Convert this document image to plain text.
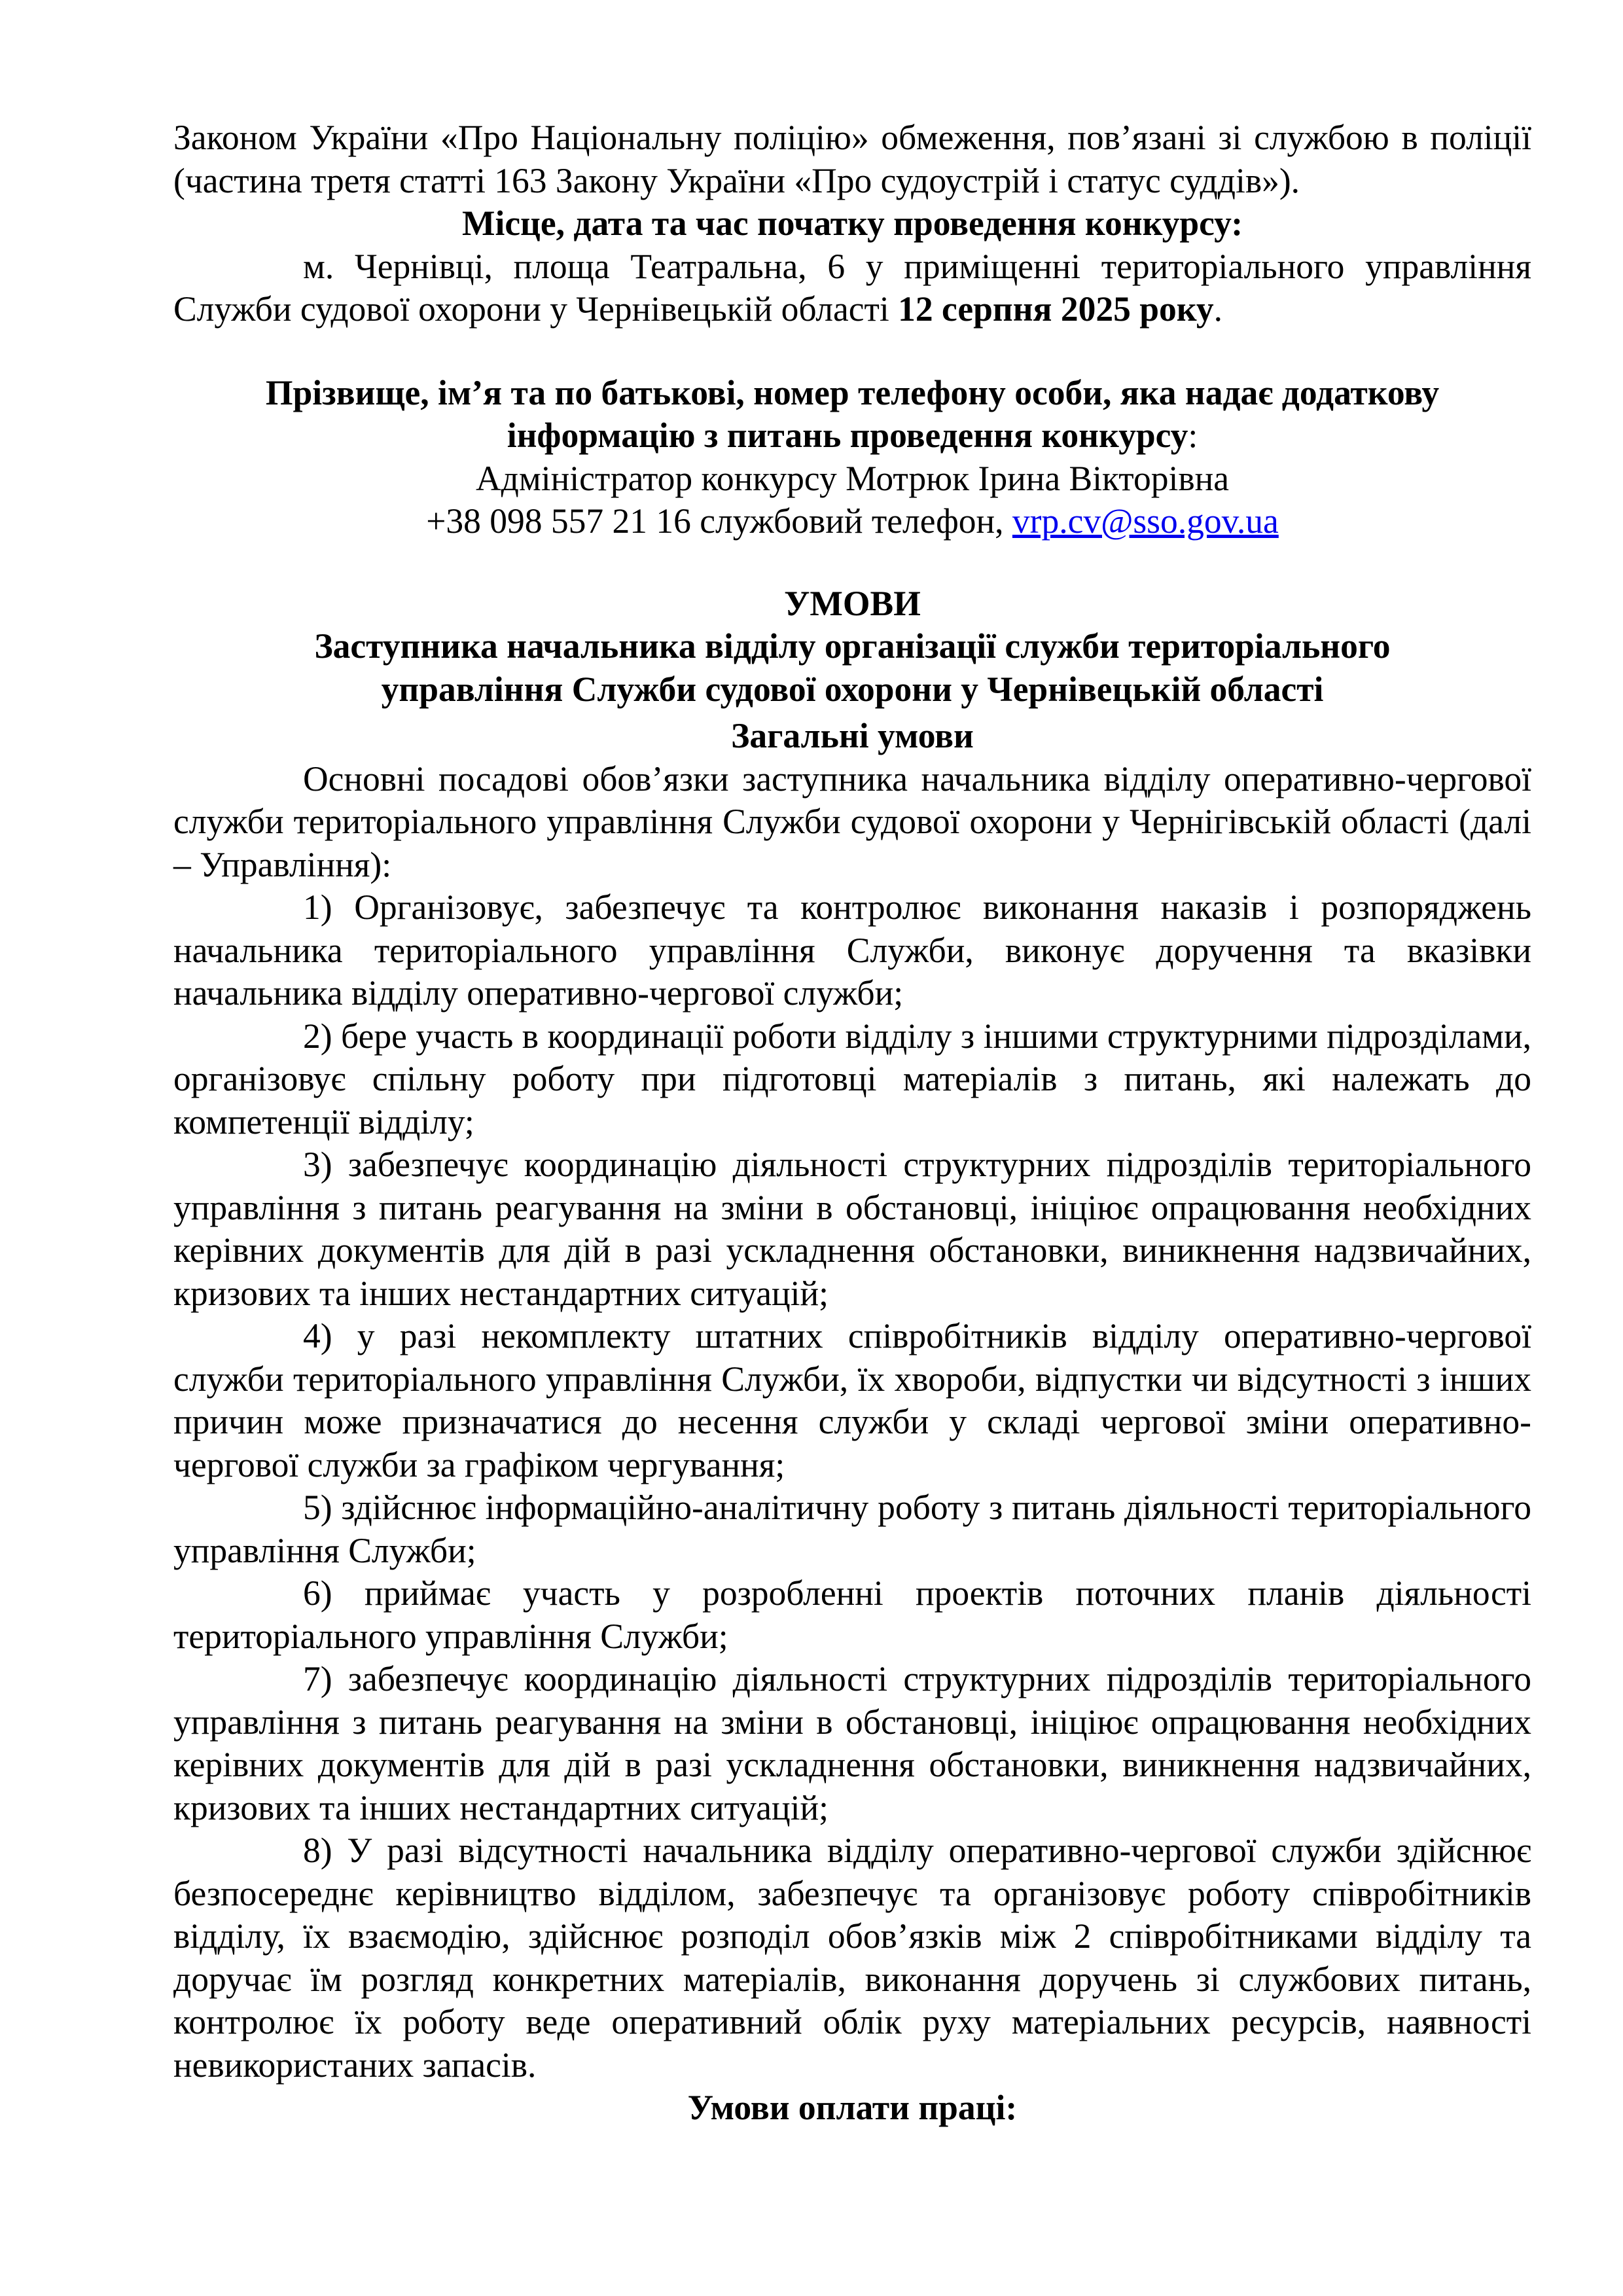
Законом України «Про Національну поліцію» обмеження, пов’язані зі службою в поліції (частина третя статті 163 Закону України «Про судоустрій і статус суддів»).

Місце, дата та час початку проведення конкурсу:

м. Чернівці, площа Театральна, 6 у приміщенні територіального управління Служби судової охорони у Чернівецькій області 12 серпня 2025 року.

Прізвище, ім’я та по батькові, номер телефону особи, яка надає додаткову інформацію з питань проведення конкурсу:

Адміністратор конкурсу Мотрюк Ірина Вікторівна

+38 098 557 21 16 службовий телефон, vrp.cv@sso.gov.ua

УМОВИ

Заступника начальника відділу організації служби територіального

управління Служби судової охорони у Чернівецькій області

Загальні умови

Основні посадові обов’язки заступника начальника відділу оперативно-чергової служби територіального управління Служби судової охорони у Чернігівській області (далі – Управління):

1) Організовує, забезпечує та контролює виконання наказів і розпоряджень начальника територіального управління Служби, виконує доручення та вказівки начальника відділу оперативно-чергової служби;

2) бере участь в координації роботи відділу з іншими структурними підрозділами, організовує спільну роботу при підготовці матеріалів з питань, які належать до компетенції відділу;

3) забезпечує координацію діяльності структурних підрозділів територіального управління з питань реагування на зміни в обстановці, ініціює опрацювання необхідних керівних документів для дій в разі ускладнення обстановки, виникнення надзвичайних, кризових та інших нестандартних ситуацій;

4) у разі некомплекту штатних співробітників відділу оперативно-чергової служби територіального управління Служби, їх хвороби, відпустки чи відсутності з інших причин може призначатися до несення служби у складі чергової зміни оперативно-чергової служби за графіком чергування;

5) здійснює інформаційно-аналітичну роботу з питань діяльності територіального управління Служби;

6) приймає участь у розробленні проектів поточних планів діяльності територіального управління Служби;

7) забезпечує координацію діяльності структурних підрозділів територіального управління з питань реагування на зміни в обстановці, ініціює опрацювання необхідних керівних документів для дій в разі ускладнення обстановки, виникнення надзвичайних, кризових та інших нестандартних ситуацій;

8) У разі відсутності начальника відділу оперативно-чергової служби здійснює безпосереднє керівництво відділом, забезпечує та організовує роботу співробітників відділу, їх взаємодію, здійснює розподіл обов’язків між 2 співробітниками відділу та доручає їм розгляд конкретних матеріалів, виконання доручень зі службових питань, контролює їх роботу веде оперативний облік руху матеріальних ресурсів, наявності невикористаних запасів.

Умови оплати праці:
